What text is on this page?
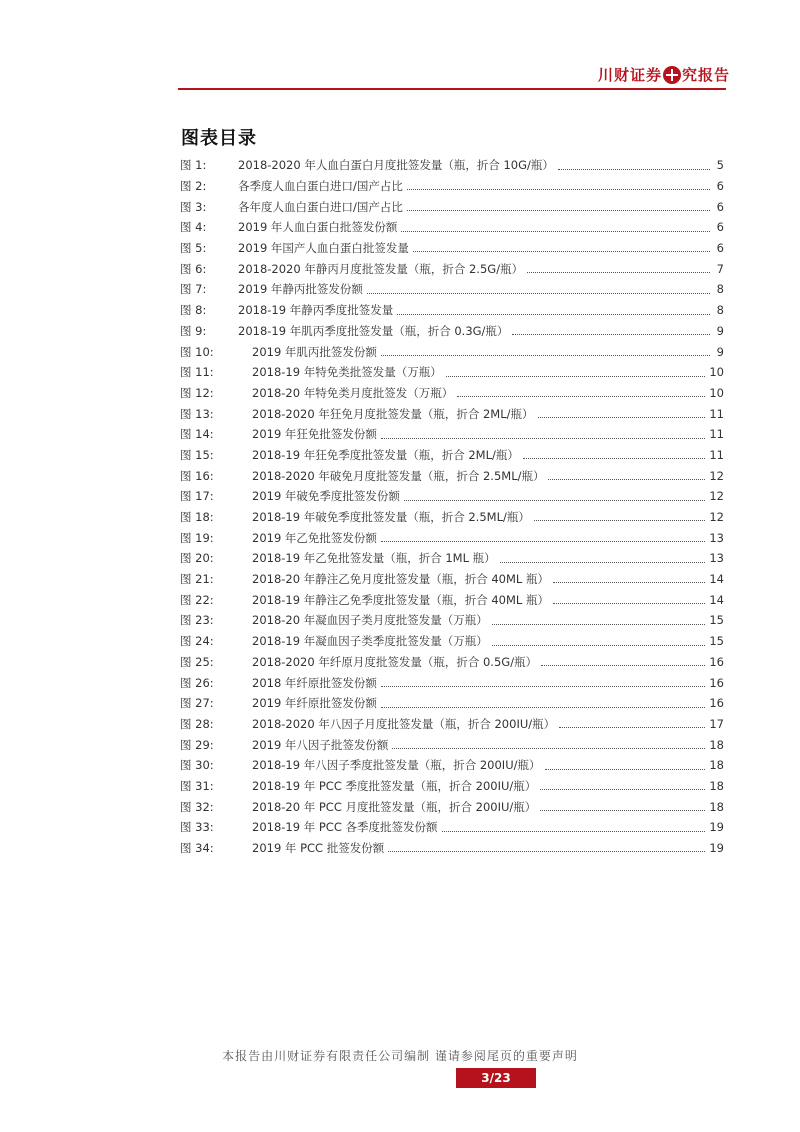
川财证券 究报告
图表目录
图 1:	2018-2020 年人血白蛋白月度批签发量（瓶，折合 10G/瓶）	5
图 2:	各季度人血白蛋白进口/国产占比	6
图 3:	各年度人血白蛋白进口/国产占比	6
图 4:	2019 年人血白蛋白批签发份额	6
图 5:	2019 年国产人血白蛋白批签发量	6
图 6:	2018-2020 年静丙月度批签发量（瓶，折合 2.5G/瓶）	7
图 7:	2019 年静丙批签发份额	8
图 8:	2018-19 年静丙季度批签发量	8
图 9:	2018-19 年肌丙季度批签发量（瓶，折合 0.3G/瓶）	9
图 10:	2019 年肌丙批签发份额	9
图 11:	2018-19 年特免类批签发量（万瓶）	10
图 12:	2018-20 年特免类月度批签发（万瓶）	10
图 13:	2018-2020 年狂免月度批签发量（瓶，折合 2ML/瓶）	11
图 14:	2019 年狂免批签发份额	11
图 15:	2018-19 年狂免季度批签发量（瓶，折合 2ML/瓶）	11
图 16:	2018-2020 年破免月度批签发量（瓶，折合 2.5ML/瓶）	12
图 17:	2019 年破免季度批签发份额	12
图 18:	2018-19 年破免季度批签发量（瓶，折合 2.5ML/瓶）	12
图 19:	2019 年乙免批签发份额	13
图 20:	2018-19 年乙免批签发量（瓶，折合 1ML 瓶）	13
图 21:	2018-20 年静注乙免月度批签发量（瓶，折合 40ML 瓶）	14
图 22:	2018-19 年静注乙免季度批签发量（瓶，折合 40ML 瓶）	14
图 23:	2018-20 年凝血因子类月度批签发量（万瓶）	15
图 24:	2018-19 年凝血因子类季度批签发量（万瓶）	15
图 25:	2018-2020 年纤原月度批签发量（瓶，折合 0.5G/瓶）	16
图 26:	2018 年纤原批签发份额	16
图 27:	2019 年纤原批签发份额	16
图 28:	2018-2020 年八因子月度批签发量（瓶，折合 200IU/瓶）	17
图 29:	2019 年八因子批签发份额	18
图 30:	2018-19 年八因子季度批签发量（瓶，折合 200IU/瓶）	18
图 31:	2018-19 年 PCC 季度批签发量（瓶，折合 200IU/瓶）	18
图 32:	2018-20 年 PCC 月度批签发量（瓶，折合 200IU/瓶）	18
图 33:	2018-19 年 PCC 各季度批签发份额	19
图 34:	2019 年 PCC 批签发份额	19
本报告由川财证券有限责任公司编制 谨请参阅尾页的重要声明
3/23
